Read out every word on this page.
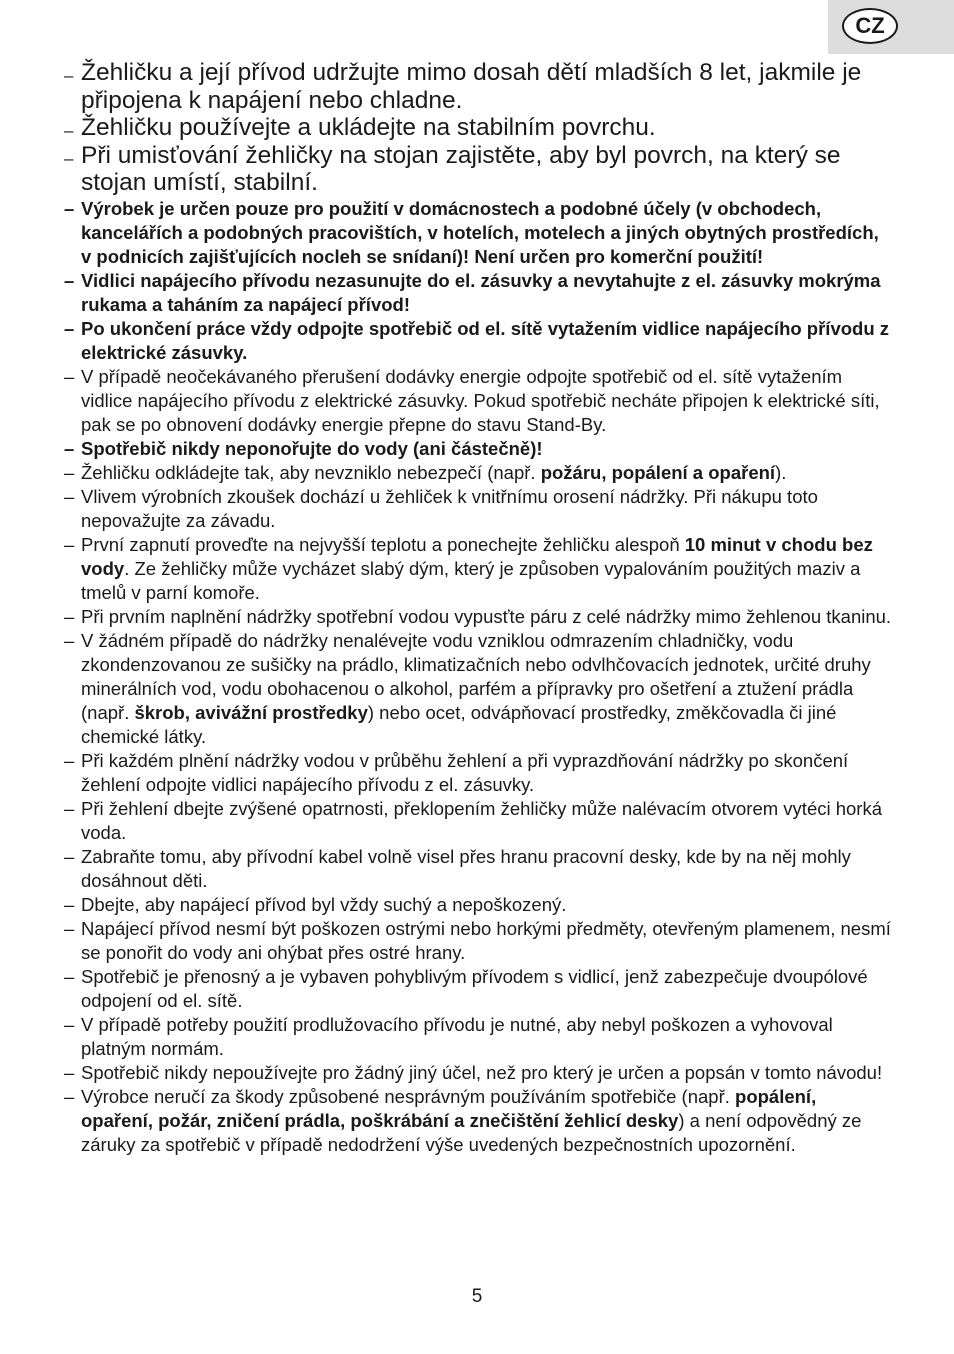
CZ
– Žehličku a její přívod udržujte mimo dosah dětí mladších 8 let, jakmile je připojena k napájení nebo chladne.
– Žehličku používejte a ukládejte na stabilním povrchu.
– Při umisťování žehličky na stojan zajistěte, aby byl povrch, na který se stojan umístí, stabilní.
– Výrobek je určen pouze pro použití v domácnostech a podobné účely (v obchodech, kancelářích a podobných pracovištích, v hotelích, motelech a jiných obytných prostředích, v podnicích zajišťujících nocleh se snídaní)! Není určen pro komerční použití!
– Vidlici napájecího přívodu nezasunujte do el. zásuvky a nevytahujte z el. zásuvky mokrýma rukama a taháním za napájecí přívod!
– Po ukončení práce vždy odpojte spotřebič od el. sítě vytažením vidlice napájecího přívodu z elektrické zásuvky.
– V případě neočekávaného přerušení dodávky energie odpojte spotřebič od el. sítě vytažením vidlice napájecího přívodu z elektrické zásuvky. Pokud spotřebič necháte připojen k elektrické síti, pak se po obnovení dodávky energie přepne do stavu Stand-By.
– Spotřebič nikdy neponořujte do vody (ani částečně)!
– Žehličku odkládejte tak, aby nevzniklo nebezpečí (např. požáru, popálení a opaření).
– Vlivem výrobních zkoušek dochází u žehliček k vnitřnímu orosení nádržky. Při nákupu toto nepovažujte za závadu.
– První zapnutí proveďte na nejvyšší teplotu a ponechejte žehličku alespoň 10 minut v chodu bez vody. Ze žehličky může vycházet slabý dým, který je způsoben vypalováním použitých maziv a tmelů v parní komoře.
– Při prvním naplnění nádržky spotřební vodou vypusťte páru z celé nádržky mimo žehlenou tkaninu.
– V žádném případě do nádržky nenalévejte vodu vzniklou odmrazením chladničky, vodu zkondenzovanou ze sušičky na prádlo, klimatizačních nebo odvlhčovacích jednotek, určité druhy minerálních vod, vodu obohacenou o alkohol, parfém a přípravky pro ošetření a ztužení prádla (např. škrob, avivážní prostředky) nebo ocet, odvápňovací prostředky, změkčovadla či jiné chemické látky.
– Při každém plnění nádržky vodou v průběhu žehlení a při vyprazdňování nádržky po skončení žehlení odpojte vidlici napájecího přívodu z el. zásuvky.
– Při žehlení dbejte zvýšené opatrnosti, překlopením žehličky může nalévacím otvorem vytéci horká voda.
– Zabraňte tomu, aby přívodní kabel volně visel přes hranu pracovní desky, kde by na něj mohly dosáhnout děti.
– Dbejte, aby napájecí přívod byl vždy suchý a nepoškozený.
– Napájecí přívod nesmí být poškozen ostrými nebo horkými předměty, otevřeným plamenem, nesmí se ponořit do vody ani ohýbat přes ostré hrany.
– Spotřebič je přenosný a je vybaven pohyblivým přívodem s vidlicí, jenž zabezpečuje dvoupólové odpojení od el. sítě.
– V případě potřeby použití prodlužovacího přívodu je nutné, aby nebyl poškozen a vyhovoval platným normám.
– Spotřebič nikdy nepoužívejte pro žádný jiný účel, než pro který je určen a popsán v tomto návodu!
– Výrobce neručí za škody způsobené nesprávným používáním spotřebiče (např. popálení, opaření, požár, zničení prádla, poškrábání a znečištění žehlicí desky) a není odpovědný ze záruky za spotřebič v případě nedodržení výše uvedených bezpečnostních upozornění.
5
